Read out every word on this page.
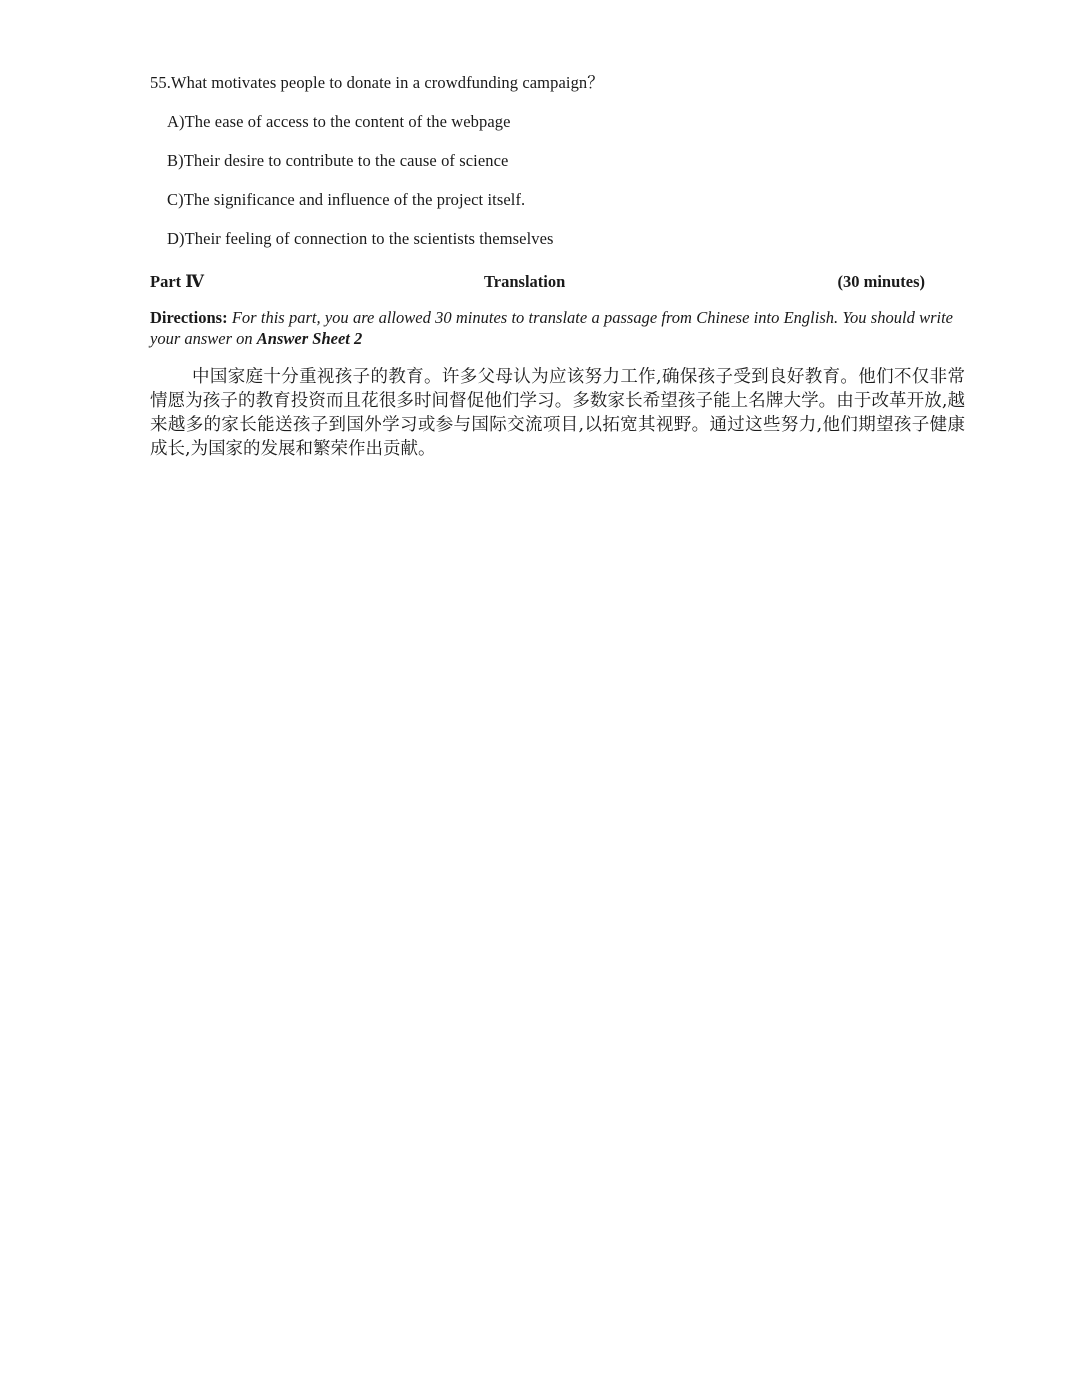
55.What motivates people to donate in a crowdfunding campaign？
A)The ease of access to the content of the webpage
B)Their desire to contribute to the cause of science
C)The significance and influence of the project itself.
D)Their feeling of connection to the scientists themselves
Part Ⅳ	Translation	(30 minutes)
Directions: For this part, you are allowed 30 minutes to translate a passage from Chinese into English. You should write your answer on Answer Sheet 2
中国家庭十分重视孩子的教育。许多父母认为应该努力工作,确保孩子受到良好教育。他们不仅非常情愿为孩子的教育投资而且花很多时间督促他们学习。多数家长希望孩子能上名牌大学。由于改革开放,越来越多的家长能送孩子到国外学习或参与国际交流项目,以拓宽其视野。通过这些努力,他们期望孩子健康成长,为国家的发展和繁荣作出贡献。
